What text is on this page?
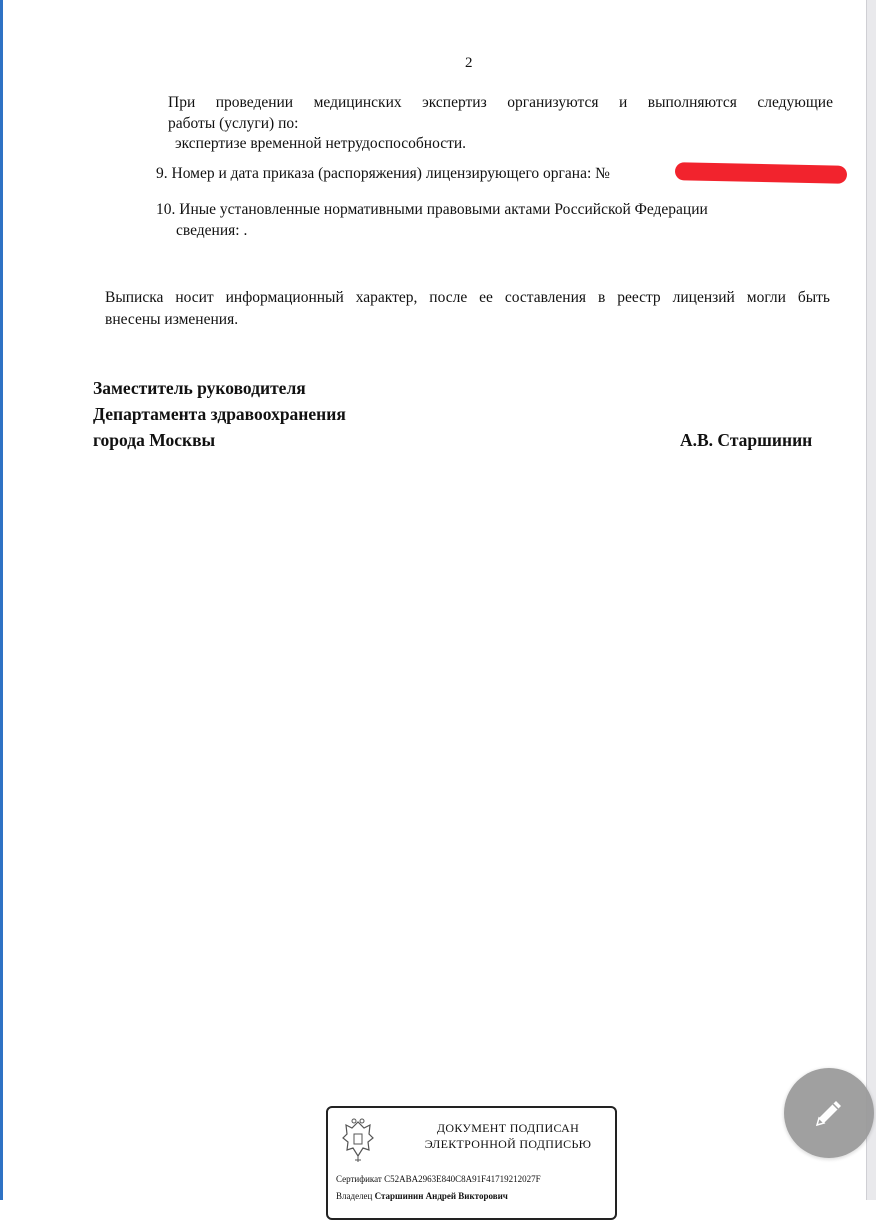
2
При проведении медицинских экспертиз организуются и выполняются следующие
работы (услуги) по:
экспертизе временной нетрудоспособности.
9. Номер и дата приказа (распоряжения) лицензирующего органа: №
10. Иные установленные нормативными правовыми актами Российской Федерации
сведения: .
Выписка носит информационный характер, после ее составления в реестр лицензий могли быть
внесены изменения.
Заместитель руководителя
Департамента здравоохранения
города Москвы	А.В. Старшинин
ДОКУМЕНТ ПОДПИСАН
ЭЛЕКТРОННОЙ ПОДПИСЬЮ
Сертификат C52ABA2963E840C8A91F41719212027F
Владелец Старшинин Андрей Викторович
